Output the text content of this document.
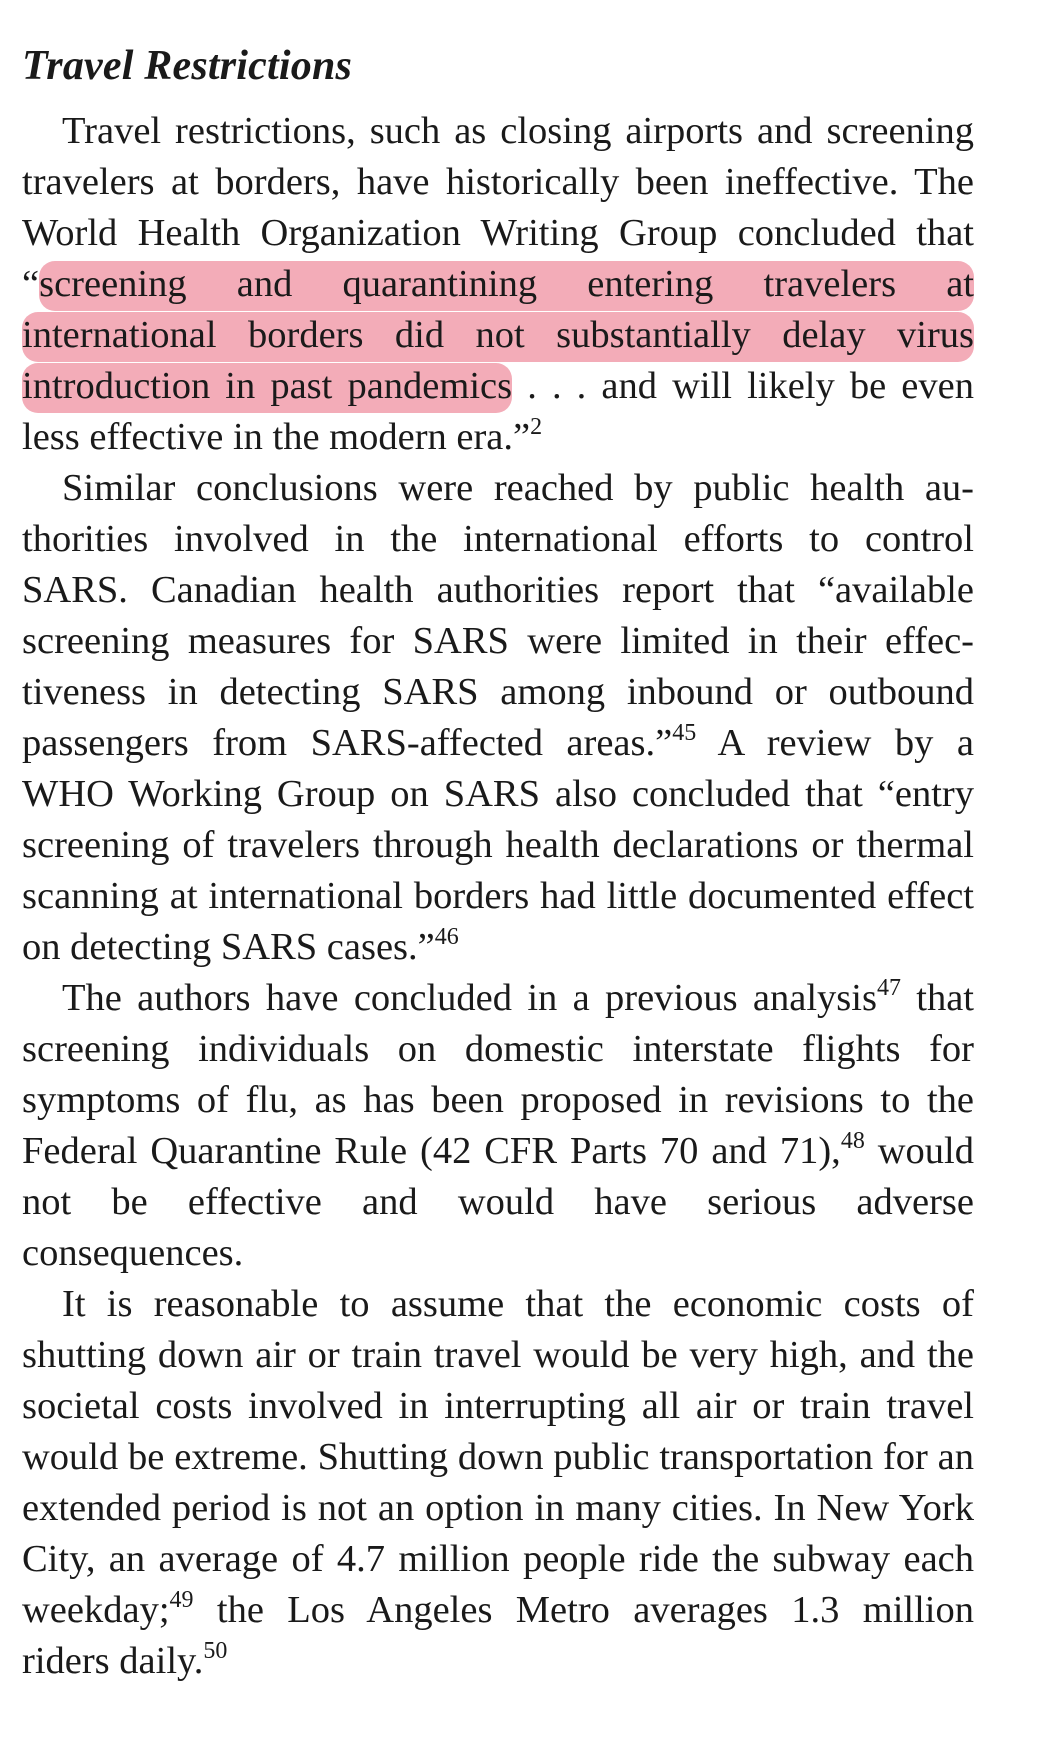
Travel Restrictions

Travel restrictions, such as closing airports and screening travelers at borders, have historically been ineffective. The World Health Organization Writing Group concluded that “screening and quarantining entering travelers at international borders did not substantially delay virus introduction in past pandemics . . . and will likely be even less effective in the modern era.”$^2$

Similar conclusions were reached by public health authorities involved in the international efforts to control SARS. Canadian health authorities report that “available screening measures for SARS were limited in their effectiveness in detecting SARS among inbound or outbound passengers from SARS-affected areas.”$^{45}$ A review by a WHO Working Group on SARS also concluded that “entry screening of travelers through health declarations or thermal scanning at international borders had little documented effect on detecting SARS cases.”$^{46}$

The authors have concluded in a previous analysis$^{47}$ that screening individuals on domestic interstate flights for symptoms of flu, as has been proposed in revisions to the Federal Quarantine Rule (42 CFR Parts 70 and 71),$^{48}$ would not be effective and would have serious adverse consequences.

It is reasonable to assume that the economic costs of shutting down air or train travel would be very high, and the societal costs involved in interrupting all air or train travel would be extreme. Shutting down public transportation for an extended period is not an option in many cities. In New York City, an average of 4.7 million people ride the subway each weekday;$^{49}$ the Los Angeles Metro averages 1.3 million riders daily.$^{50}$
